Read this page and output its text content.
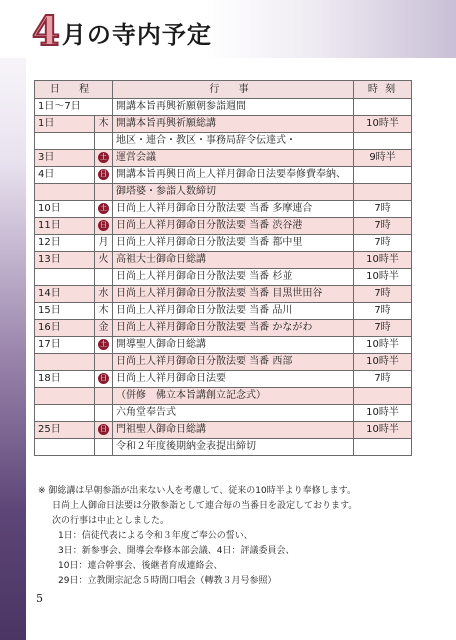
4 月の寺内予定
日 程		行 事	時 刻
1日～7日		開講本旨再興祈願朝参詣週間	
1日	木	開講本旨再興祈願総講	10時半
		地区・連合・教区・事務局辞令伝達式・	
3日	土	運営会議	9時半
4日	日	開講本旨再興日尚上人祥月御命日法要奉修費奉納、	
		御塔婆・参詣人数締切	
10日	土	日尚上人祥月御命日分散法要 当番 多摩連合	7時
11日	日	日尚上人祥月御命日分散法要 当番 渋谷港	7時
12日	月	日尚上人祥月御命日分散法要 当番 都中里	7時
13日	火	高祖大士御命日総講	10時半
		日尚上人祥月御命日分散法要 当番 杉並	10時半
14日	水	日尚上人祥月御命日分散法要 当番 目黒世田谷	7時
15日	木	日尚上人祥月御命日分散法要 当番 品川	7時
16日	金	日尚上人祥月御命日分散法要 当番 かながわ	7時
17日	土	開導聖人御命日総講	10時半
		日尚上人祥月御命日分散法要 当番 西部	10時半
18日	日	日尚上人祥月御命日法要	7時
		（併修　佛立本旨講創立記念式）	
		六角堂奉告式	10時半
25日	日	門祖聖人御命日総講	10時半
		令和２年度後期納金表提出締切	
※ 御総講は早朝参詣が出来ない人を考慮して、従来の10時半より奉修します。
日尚上人御命日法要は分散参詣として連合毎の当番日を設定しております。
次の行事は中止としました。
1日：信徒代表による令和３年度ご奉公の誓い、
3日：新参事会、開導会奉修本部会議、4日：評議委員会、
10日：連合幹事会、後継者育成連絡会、
29日：立教開宗記念５時間口唱会（轉教３月号参照）
5
